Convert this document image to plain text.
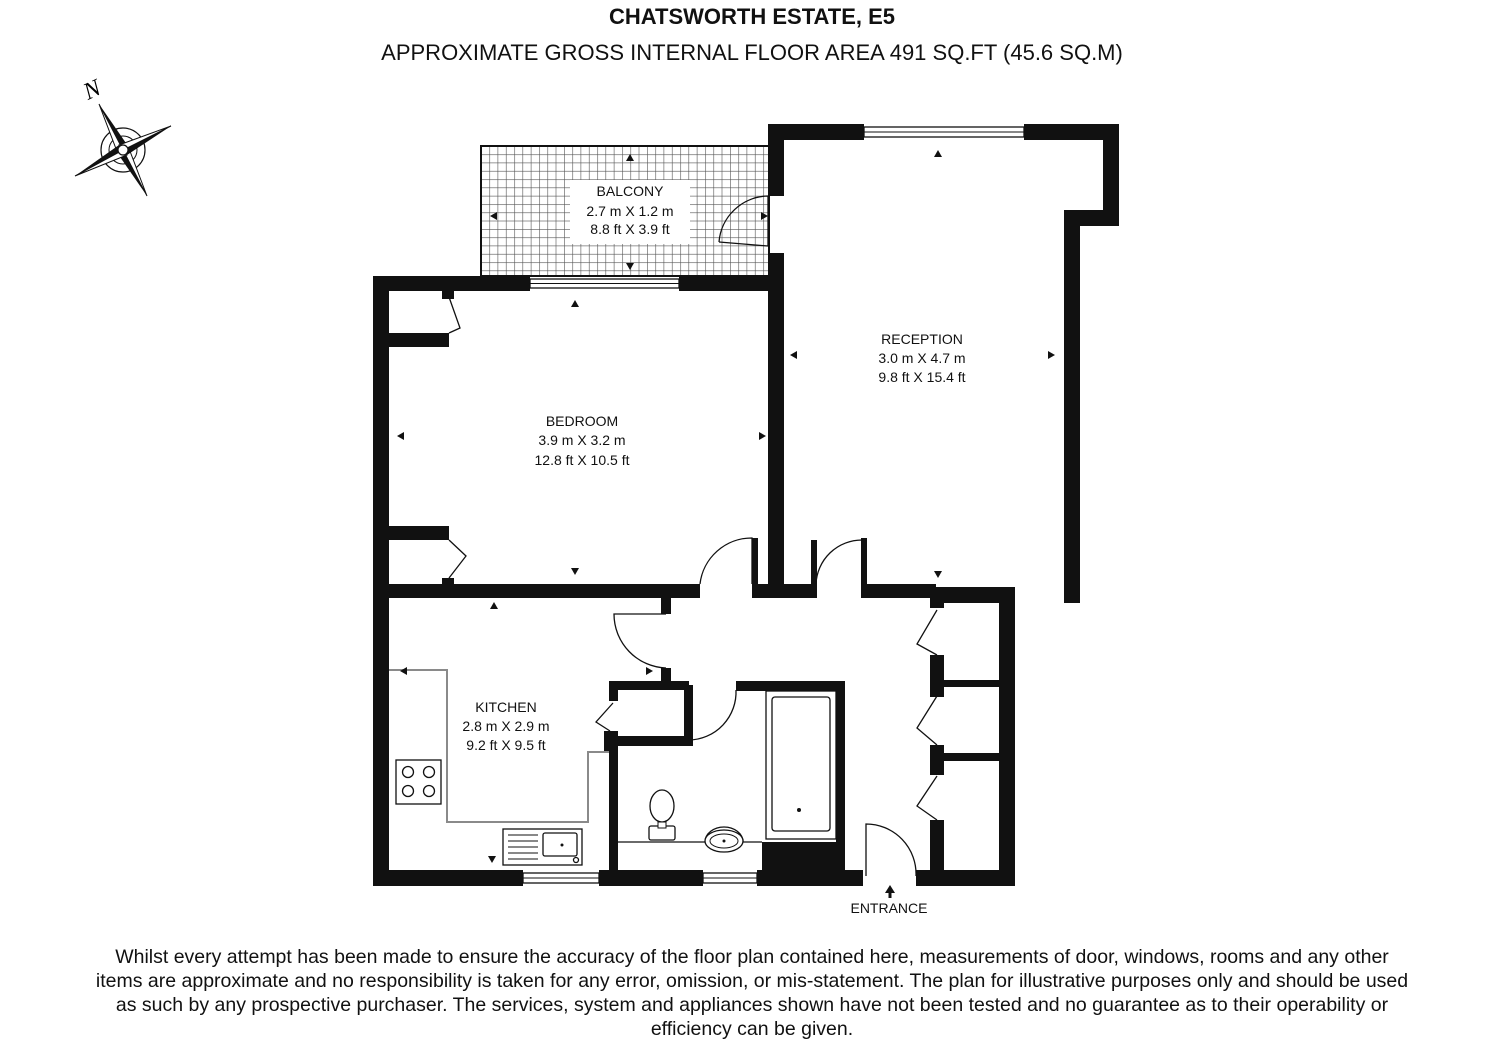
CHATSWORTH ESTATE, E5

APPROXIMATE GROSS INTERNAL FLOOR AREA 491 SQ.FT (45.6 SQ.M)

N
BALCONY
2.7 m X 1.2 m
8.8 ft X 3.9 ft
RECEPTION
3.0 m X 4.7 m
9.8 ft X 15.4 ft
BEDROOM
3.9 m X 3.2 m
12.8 ft X 10.5 ft
KITCHEN
2.8 m X 2.9 m
9.2 ft X 9.5 ft
ENTRANCE

Whilst every attempt has been made to ensure the accuracy of the floor plan contained here, measurements of door, windows, rooms and any other items are approximate and no responsibility is taken for any error, omission, or mis-statement. The plan for illustrative purposes only and should be used as such by any prospective purchaser. The services, system and appliances shown have not been tested and no guarantee as to their operability or efficiency can be given.
